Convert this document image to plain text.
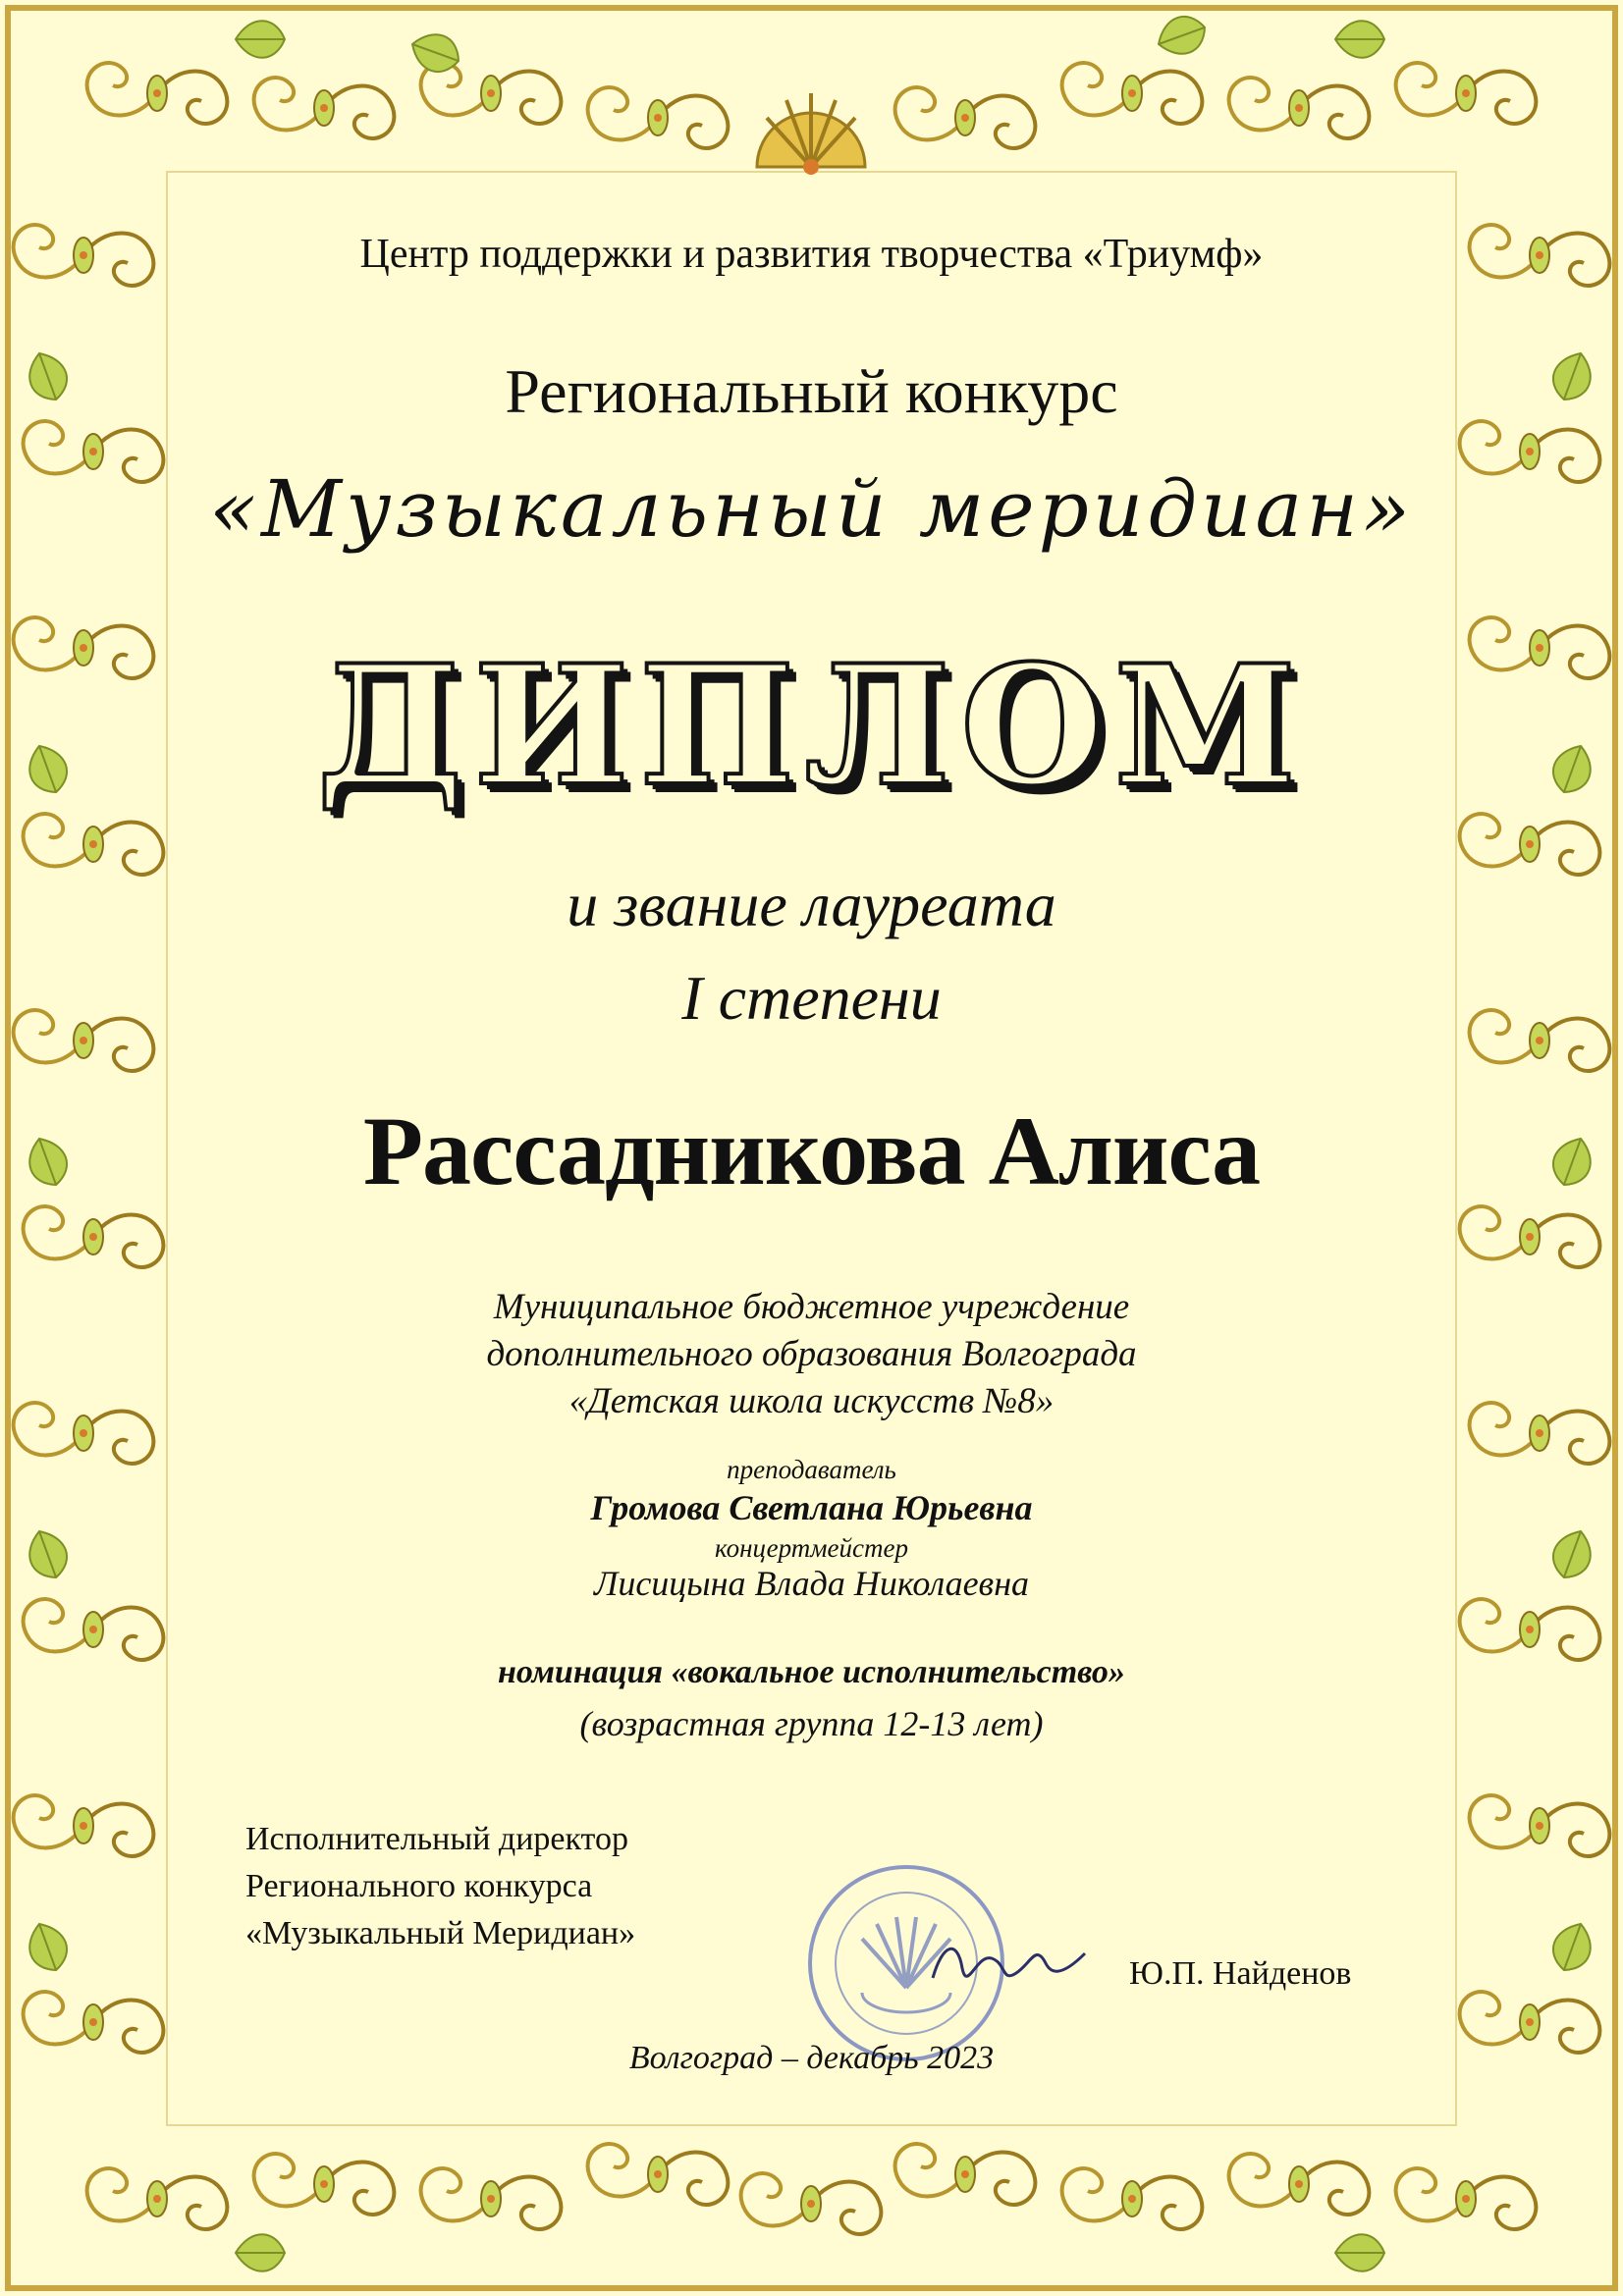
Центр поддержки и развития творчества «Триумф»
Региональный конкурс
«Музыкальный меридиан»
ДИПЛОМ
и звание лауреата
I степени
Рассадникова Алиса
Муниципальное бюджетное учреждение
дополнительного образования Волгограда
«Детская школа искусств №8»
преподаватель
Громова Светлана Юрьевна
концертмейстер
Лисицына Влада Николаевна
номинация «вокальное исполнительство»
(возрастная группа 12-13 лет)
Исполнительный директор
Регионального конкурса
«Музыкальный Меридиан»
Ю.П. Найденов
Волгоград – декабрь 2023
